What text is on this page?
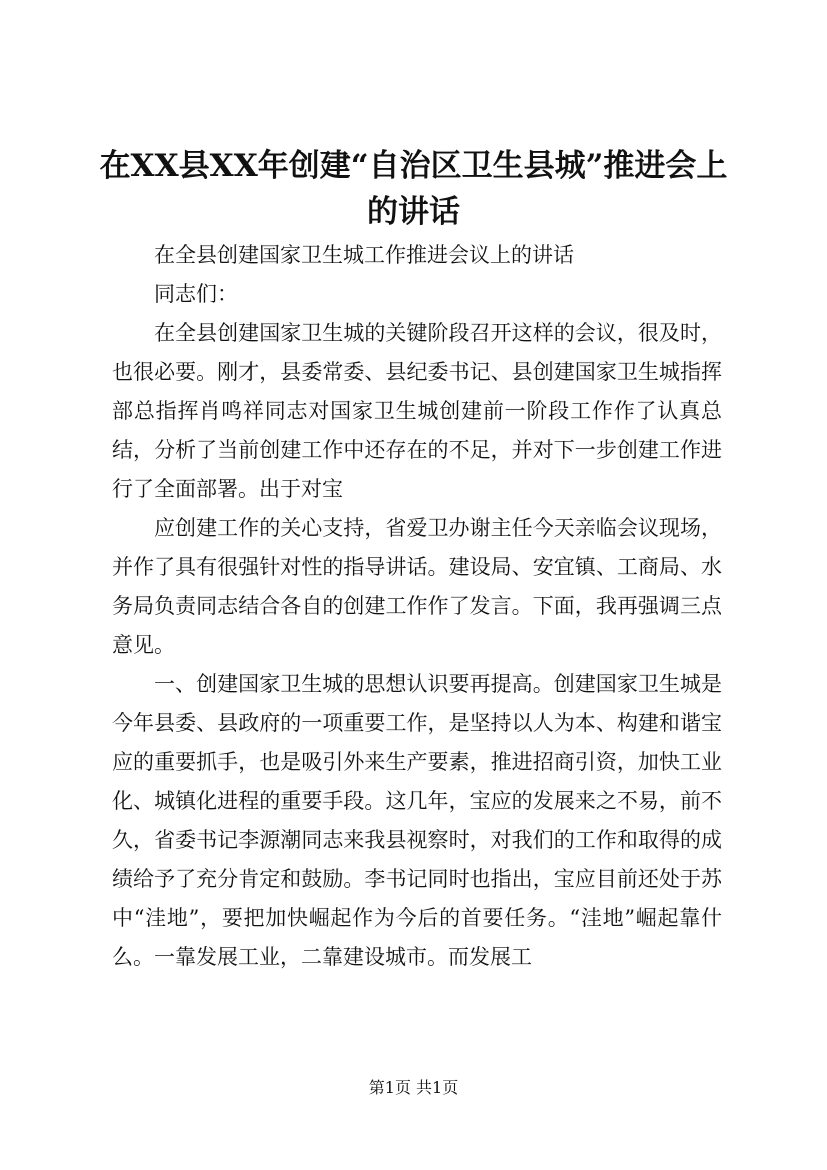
在XX县XX年创建“自治区卫生县城”推进会上的讲话

在全县创建国家卫生城工作推进会议上的讲话

同志们：

在全县创建国家卫生城的关键阶段召开这样的会议，很及时，也很必要。刚才，县委常委、县纪委书记、县创建国家卫生城指挥部总指挥肖鸣祥同志对国家卫生城创建前一阶段工作作了认真总结，分析了当前创建工作中还存在的不足，并对下一步创建工作进行了全面部署。出于对宝

应创建工作的关心支持，省爱卫办谢主任今天亲临会议现场，并作了具有很强针对性的指导讲话。建设局、安宜镇、工商局、水务局负责同志结合各自的创建工作作了发言。下面，我再强调三点意见。

一、创建国家卫生城的思想认识要再提高。创建国家卫生城是今年县委、县政府的一项重要工作，是坚持以人为本、构建和谐宝应的重要抓手，也是吸引外来生产要素，推进招商引资，加快工业化、城镇化进程的重要手段。这几年，宝应的发展来之不易，前不久，省委书记李源潮同志来我县视察时，对我们的工作和取得的成绩给予了充分肯定和鼓励。李书记同时也指出，宝应目前还处于苏中“洼地”，要把加快崛起作为今后的首要任务。“洼地”崛起靠什么。一靠发展工业，二靠建设城市。而发展工

第1页 共1页
